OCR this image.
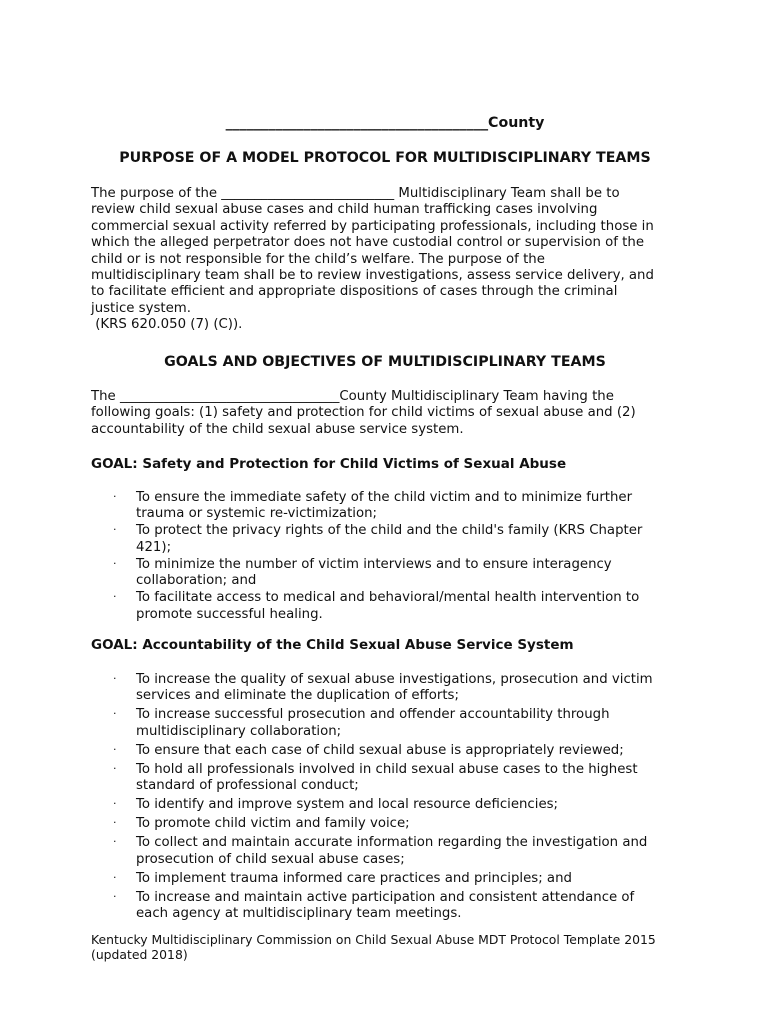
_____________________________________County
PURPOSE OF A MODEL PROTOCOL FOR MULTIDISCIPLINARY TEAMS
The purpose of the __________________________ Multidisciplinary Team shall be to
review child sexual abuse cases and child human trafficking cases involving
commercial sexual activity referred by participating professionals, including those in
which the alleged perpetrator does not have custodial control or supervision of the
child or is not responsible for the child’s welfare. The purpose of the
multidisciplinary team shall be to review investigations, assess service delivery, and
to facilitate efficient and appropriate dispositions of cases through the criminal
justice system.
(KRS 620.050 (7) (C)).
GOALS AND OBJECTIVES OF MULTIDISCIPLINARY TEAMS
The _________________________________County Multidisciplinary Team having the
following goals: (1) safety and protection for child victims of sexual abuse and (2)
accountability of the child sexual abuse service system.
GOAL: Safety and Protection for Child Victims of Sexual Abuse
· To ensure the immediate safety of the child victim and to minimize further
trauma or systemic re-victimization;
· To protect the privacy rights of the child and the child's family (KRS Chapter
421);
· To minimize the number of victim interviews and to ensure interagency
collaboration; and
· To facilitate access to medical and behavioral/mental health intervention to
promote successful healing.
GOAL: Accountability of the Child Sexual Abuse Service System
· To increase the quality of sexual abuse investigations, prosecution and victim
services and eliminate the duplication of efforts;
· To increase successful prosecution and offender accountability through
multidisciplinary collaboration;
· To ensure that each case of child sexual abuse is appropriately reviewed;
· To hold all professionals involved in child sexual abuse cases to the highest
standard of professional conduct;
· To identify and improve system and local resource deficiencies;
· To promote child victim and family voice;
· To collect and maintain accurate information regarding the investigation and
prosecution of child sexual abuse cases;
· To implement trauma informed care practices and principles; and
· To increase and maintain active participation and consistent attendance of
each agency at multidisciplinary team meetings.
Kentucky Multidisciplinary Commission on Child Sexual Abuse MDT Protocol Template 2015
(updated 2018)
